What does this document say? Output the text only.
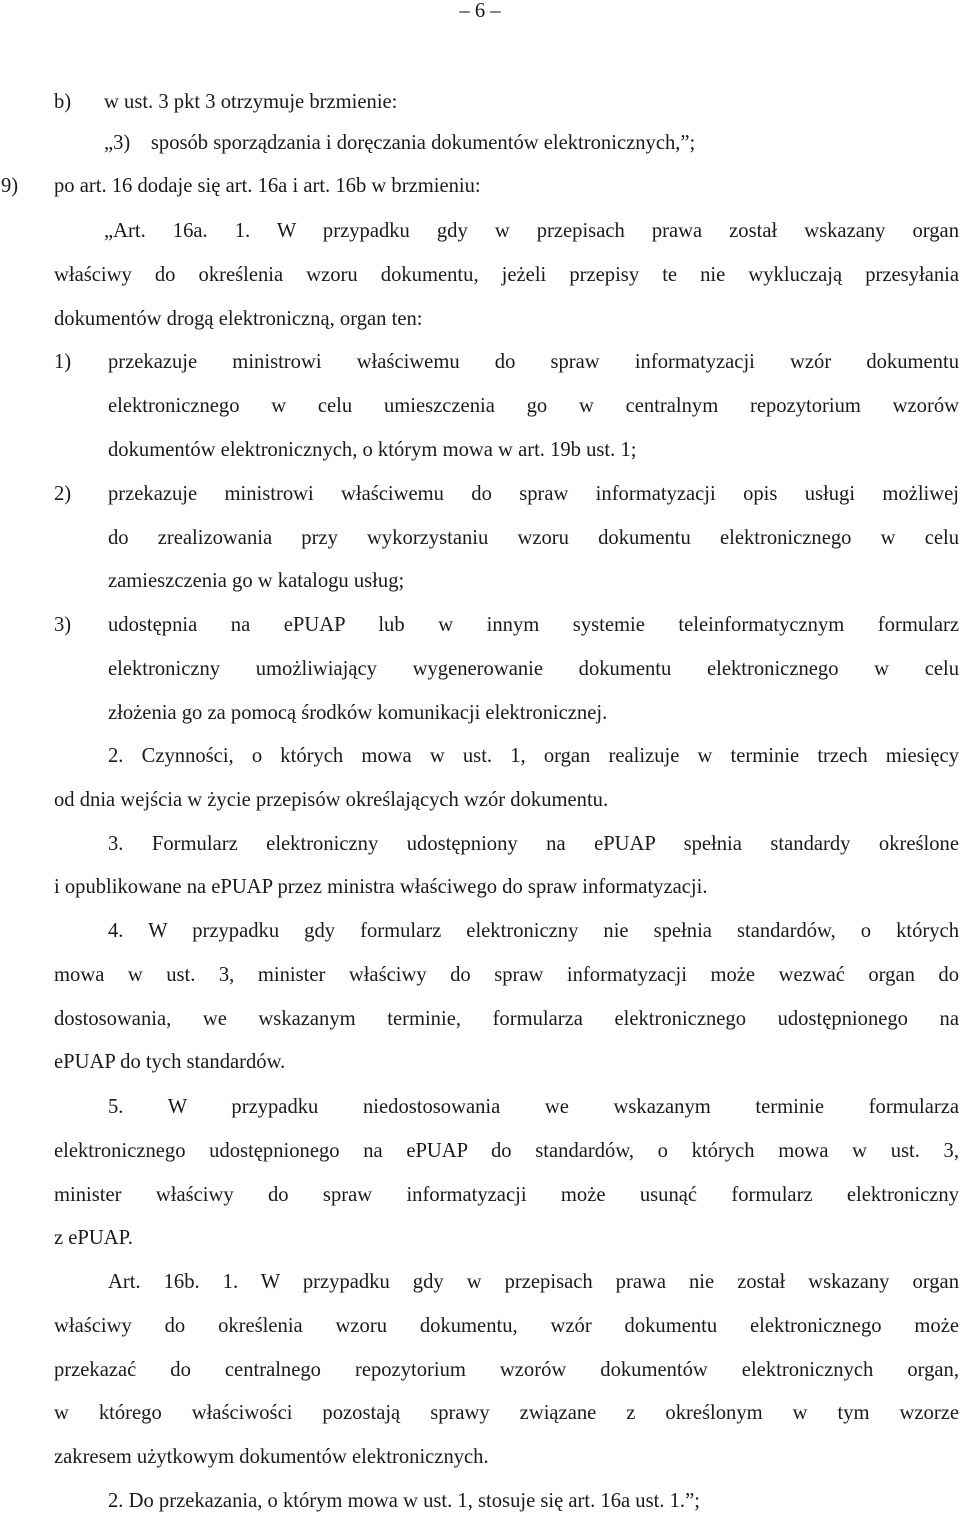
– 6 –
b) w ust. 3 pkt 3 otrzymuje brzmienie:
„3) sposób sporządzania i doręczania dokumentów elektronicznych,”;
9) po art. 16 dodaje się art. 16a i art. 16b w brzmieniu:
„Art. 16a. 1. W przypadku gdy w przepisach prawa został wskazany organ
właściwy do określenia wzoru dokumentu, jeżeli przepisy te nie wykluczają przesyłania
dokumentów drogą elektroniczną, organ ten:
1) przekazuje ministrowi właściwemu do spraw informatyzacji wzór dokumentu
elektronicznego w celu umieszczenia go w centralnym repozytorium wzorów
dokumentów elektronicznych, o którym mowa w art. 19b ust. 1;
2) przekazuje ministrowi właściwemu do spraw informatyzacji opis usługi możliwej
do zrealizowania przy wykorzystaniu wzoru dokumentu elektronicznego w celu
zamieszczenia go w katalogu usług;
3) udostępnia na ePUAP lub w innym systemie teleinformatycznym formularz
elektroniczny umożliwiający wygenerowanie dokumentu elektronicznego w celu
złożenia go za pomocą środków komunikacji elektronicznej.
2. Czynności, o których mowa w ust. 1, organ realizuje w terminie trzech miesięcy
od dnia wejścia w życie przepisów określających wzór dokumentu.
3. Formularz elektroniczny udostępniony na ePUAP spełnia standardy określone
i opublikowane na ePUAP przez ministra właściwego do spraw informatyzacji.
4. W przypadku gdy formularz elektroniczny nie spełnia standardów, o których
mowa w ust. 3, minister właściwy do spraw informatyzacji może wezwać organ do
dostosowania, we wskazanym terminie, formularza elektronicznego udostępnionego na
ePUAP do tych standardów.
5. W przypadku niedostosowania we wskazanym terminie formularza
elektronicznego udostępnionego na ePUAP do standardów, o których mowa w ust. 3,
minister właściwy do spraw informatyzacji może usunąć formularz elektroniczny
z ePUAP.
Art. 16b. 1. W przypadku gdy w przepisach prawa nie został wskazany organ
właściwy do określenia wzoru dokumentu, wzór dokumentu elektronicznego może
przekazać do centralnego repozytorium wzorów dokumentów elektronicznych organ,
w którego właściwości pozostają sprawy związane z określonym w tym wzorze
zakresem użytkowym dokumentów elektronicznych.
2. Do przekazania, o którym mowa w ust. 1, stosuje się art. 16a ust. 1.”;
